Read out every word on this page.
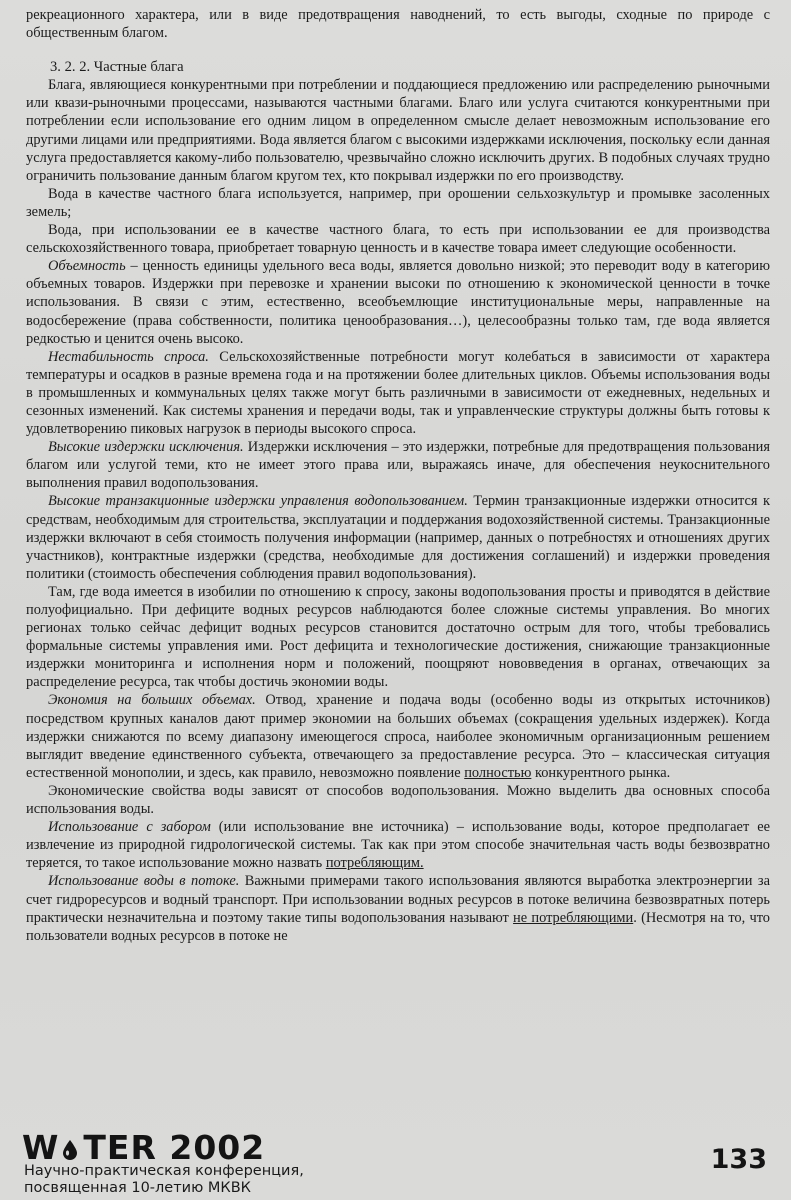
рекреационного характера, или в виде предотвращения наводнений, то есть выгоды, сходные по природе с общественным благом.

3. 2. 2. Частные блага

Блага, являющиеся конкурентными при потреблении и поддающиеся предложению или распределению рыночными или квази-рыночными процессами, называются частными благами. Благо или услуга считаются конкурентными при потреблении если использование его одним лицом в определенном смысле делает невозможным использование его другими лицами или предприятиями. Вода является благом с высокими издержками исключения, поскольку если данная услуга предоставляется какому-либо пользователю, чрезвычайно сложно исключить других. В подобных случаях трудно ограничить пользование данным благом кругом тех, кто покрывал издержки по его производству.

Вода в качестве частного блага используется, например, при орошении сельхозкультур и промывке засоленных земель;

Вода, при использовании ее в качестве частного блага, то есть при использовании ее для производства сельскохозяйственного товара, приобретает товарную ценность и в качестве товара имеет следующие особенности.

Объемность – ценность единицы удельного веса воды, является довольно низкой; это переводит воду в категорию объемных товаров. Издержки при перевозке и хранении высоки по отношению к экономической ценности в точке использования. В связи с этим, естественно, всеобъемлющие институциональные меры, направленные на водосбережение (права собственности, политика ценообразования…), целесообразны только там, где вода является редкостью и ценится очень высоко.

Нестабильность спроса. Сельскохозяйственные потребности могут колебаться в зависимости от характера температуры и осадков в разные времена года и на протяжении более длительных циклов. Объемы использования воды в промышленных и коммунальных целях также могут быть различными в зависимости от ежедневных, недельных и сезонных изменений. Как системы хранения и передачи воды, так и управленческие структуры должны быть готовы к удовлетворению пиковых нагрузок в периоды высокого спроса.

Высокие издержки исключения. Издержки исключения – это издержки, потребные для предотвращения пользования благом или услугой теми, кто не имеет этого права или, выражаясь иначе, для обеспечения неукоснительного выполнения правил водопользования.

Высокие транзакционные издержки управления водопользованием. Термин транзакционные издержки относится к средствам, необходимым для строительства, эксплуатации и поддержания водохозяйственной системы. Транзакционные издержки включают в себя стоимость получения информации (например, данных о потребностях и отношениях других участников), контрактные издержки (средства, необходимые для достижения соглашений) и издержки проведения политики (стоимость обеспечения соблюдения правил водопользования).

Там, где вода имеется в изобилии по отношению к спросу, законы водопользования просты и приводятся в действие полуофициально. При дефиците водных ресурсов наблюдаются более сложные системы управления. Во многих регионах только сейчас дефицит водных ресурсов становится достаточно острым для того, чтобы требовались формальные системы управления ими. Рост дефицита и технологические достижения, снижающие транзакционные издержки мониторинга и исполнения норм и положений, поощряют нововведения в органах, отвечающих за распределение ресурса, так чтобы достичь экономии воды.

Экономия на больших объемах. Отвод, хранение и подача воды (особенно воды из открытых источников) посредством крупных каналов дают пример экономии на больших объемах (сокращения удельных издержек). Когда издержки снижаются по всему диапазону имеющегося спроса, наиболее экономичным организационным решением выглядит введение единственного субъекта, отвечающего за предоставление ресурса. Это – классическая ситуация естественной монополии, и здесь, как правило, невозможно появление полностью конкурентного рынка.

Экономические свойства воды зависят от способов водопользования. Можно выделить два основных способа использования воды.

Использование с забором (или использование вне источника) – использование воды, которое предполагает ее извлечение из природной гидрологической системы. Так как при этом способе значительная часть воды безвозвратно теряется, то такое использование можно назвать потребляющим.

Использование воды в потоке. Важными примерами такого использования являются выработка электроэнергии за счет гидроресурсов и водный транспорт. При использовании водных ресурсов в потоке величина безвозвратных потерь практически незначительна и поэтому такие типы водопользования называют не потребляющими. (Несмотря на то, что пользователи водных ресурсов в потоке не

W TER 2002
Научно-практическая конференция,
посвященная 10-летию МКВК
133
